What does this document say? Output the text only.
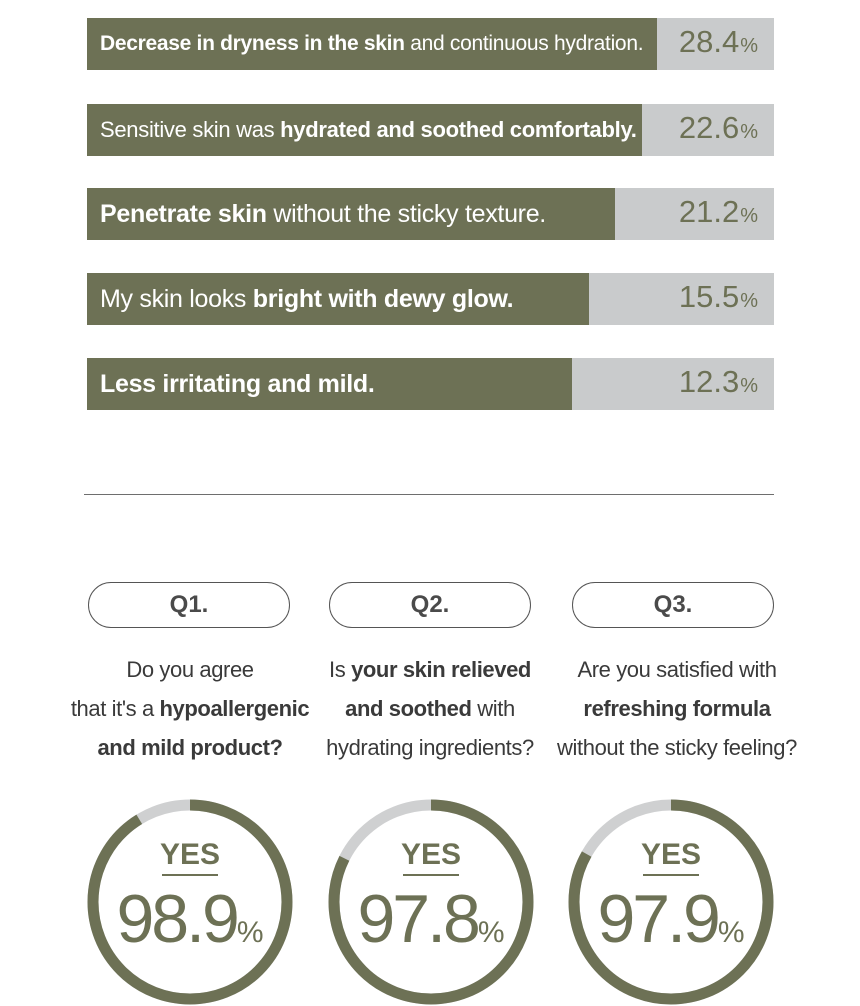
Decrease in dryness in the skin and continuous hydration. 28.4 %
Sensitive skin was hydrated and soothed comfortably. 22.6 %
Penetrate skin without the sticky texture.	21.2 %
My skin looks bright with dewy glow.	15.5 %
Less irritating and mild.	12.3 %
Q1.	Q2.	Q3.
Do you agree
that it's a hypoallergenic
and mild product?
Is your skin relieved
and soothed with
hydrating ingredients?
Are you satisfied with
refreshing formula
without the sticky feeling?
YES
98.9%
YES
97.8%
YES
97.9%
